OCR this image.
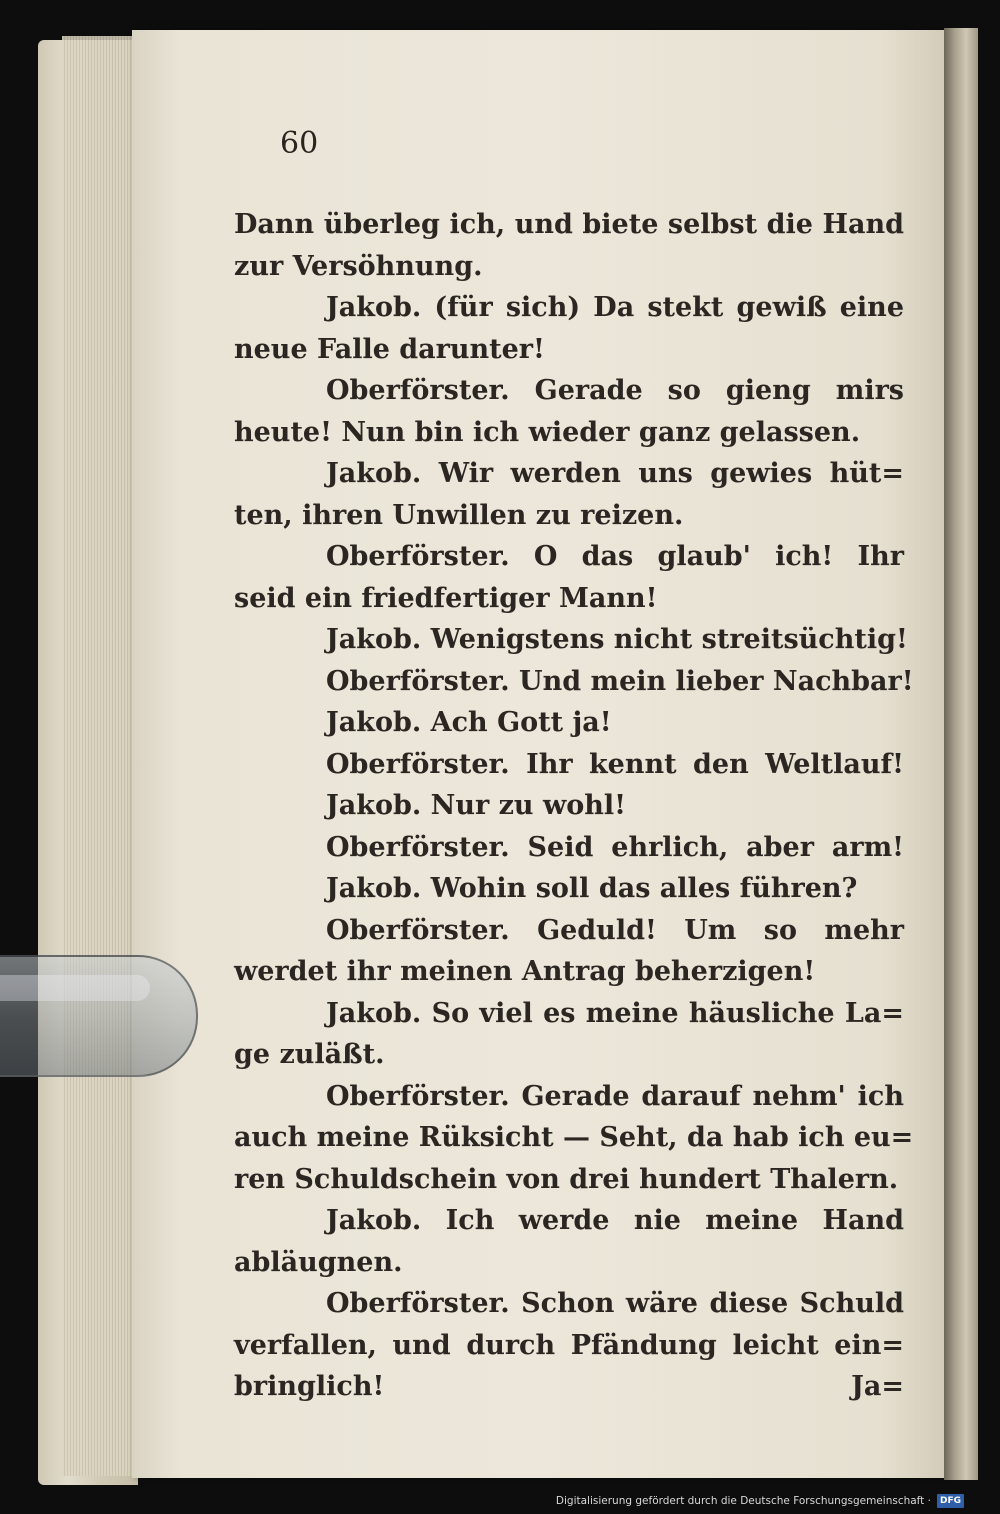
60
Dann überleg ich, und biete selbst die Hand
zur Versöhnung.
Jakob. (für sich) Da stekt gewiß eine
neue Falle darunter!
Oberförster. Gerade so gieng mirs
heute! Nun bin ich wieder ganz gelassen.
Jakob. Wir werden uns gewies hüt=
ten, ihren Unwillen zu reizen.
Oberförster. O das glaub' ich! Ihr
seid ein friedfertiger Mann!
Jakob. Wenigstens nicht streitsüchtig!
Oberförster. Und mein lieber Nachbar!
Jakob. Ach Gott ja!
Oberförster. Ihr kennt den Weltlauf!
Jakob. Nur zu wohl!
Oberförster. Seid ehrlich, aber arm!
Jakob. Wohin soll das alles führen?
Oberförster. Geduld! Um so mehr
werdet ihr meinen Antrag beherzigen!
Jakob. So viel es meine häusliche La=
ge zuläßt.
Oberförster. Gerade darauf nehm' ich
auch meine Rüksicht — Seht, da hab ich eu=
ren Schuldschein von drei hundert Thalern.
Jakob. Ich werde nie meine Hand
abläugnen.
Oberförster. Schon wäre diese Schuld
verfallen, und durch Pfändung leicht ein=
bringlich!	Ja=
Digitalisierung gefördert durch die Deutsche Forschungsgemeinschaft ·	DFG
